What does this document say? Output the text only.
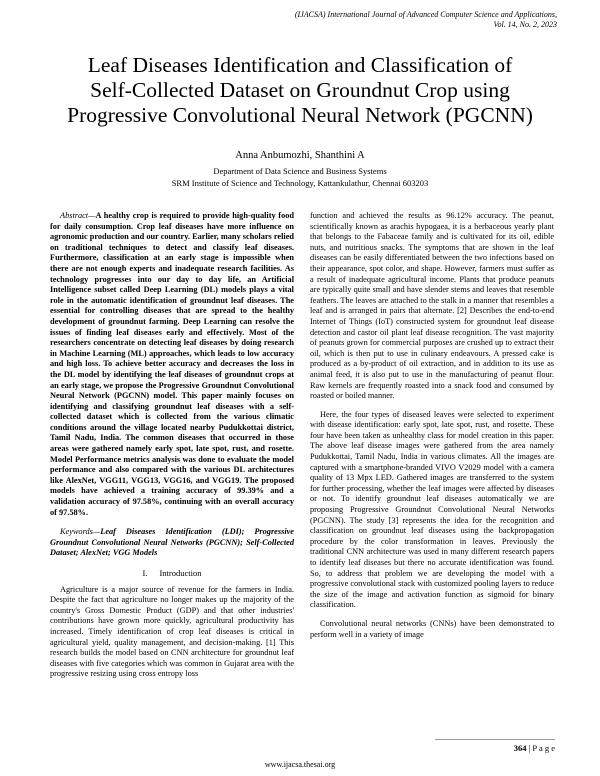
(IJACSA) International Journal of Advanced Computer Science and Applications,
Vol. 14, No. 2, 2023
Leaf Diseases Identification and Classification of
Self-Collected Dataset on Groundnut Crop using
Progressive Convolutional Neural Network (PGCNN)
Anna Anbumozhi, Shanthini A
Department of Data Science and Business Systems
SRM Institute of Science and Technology, Kattankulathur, Chennai 603203

Abstract—A healthy crop is required to provide high-quality food for daily consumption. Crop leaf diseases have more influence on agronomic production and our country. Earlier, many scholars relied on traditional techniques to detect and classify leaf diseases. Furthermore, classification at an early stage is impossible when there are not enough experts and inadequate research facilities. As technology progresses into our day to day life, an Artificial Intelligence subset called Deep Learning (DL) models plays a vital role in the automatic identification of groundnut leaf diseases. The essential for controlling diseases that are spread to the healthy development of groundnut farming. Deep Learning can resolve the issues of finding leaf diseases early and effectively. Most of the researchers concentrate on detecting leaf diseases by doing research in Machine Learning (ML) approaches, which leads to low accuracy and high loss. To achieve better accuracy and decreases the loss in the DL model by identifying the leaf diseases of groundnut crops at an early stage, we propose the Progressive Groundnut Convolutional Neural Network (PGCNN) model. This paper mainly focuses on identifying and classifying groundnut leaf diseases with a self-collected dataset which is collected from the various climatic conditions around the village located nearby Pudukkottai district, Tamil Nadu, India. The common diseases that occurred in those areas were gathered namely early spot, late spot, rust, and rosette. Model Performance metrics analysis was done to evaluate the model performance and also compared with the various DL architectures like AlexNet, VGG11, VGG13, VGG16, and VGG19. The proposed models have achieved a training accuracy of 99.39% and a validation accuracy of 97.58%, continuing with an overall accuracy of 97.58%.

Keywords—Leaf Diseases Identification (LDI); Progressive Groundnut Convolutional Neural Networks (PGCNN); Self-Collected Dataset; AlexNet; VGG Models

I. Introduction

Agriculture is a major source of revenue for the farmers in India. Despite the fact that agriculture no longer makes up the majority of the country's Gross Domestic Product (GDP) and that other industries' contributions have grown more quickly, agricultural productivity has increased. Timely identification of crop leaf diseases is critical in agricultural yield, quality management, and decision-making. [1] This research builds the model based on CNN architecture for groundnut leaf diseases with five categories which was common in Gujarat area with the progressive resizing using cross entropy loss

function and achieved the results as 96.12% accuracy. The peanut, scientifically known as arachis hypogaea, it is a herbaceous yearly plant that belongs to the Fabaceae family and is cultivated for its oil, edible nuts, and nutritious snacks. The symptoms that are shown in the leaf diseases can be easily differentiated between the two infections based on their appearance, spot color, and shape. However, farmers must suffer as a result of inadequate agricultural income. Plants that produce peanuts are typically quite small and have slender stems and leaves that resemble feathers. The leaves are attached to the stalk in a manner that resembles a leaf and is arranged in pairs that alternate. [2] Describes the end-to-end Internet of Things (IoT) constructed system for groundnut leaf disease detection and castor oil plant leaf disease recognition. The vast majority of peanuts grown for commercial purposes are crushed up to extract their oil, which is then put to use in culinary endeavours. A pressed cake is produced as a by-product of oil extraction, and in addition to its use as animal feed, it is also put to use in the manufacturing of peanut flour. Raw kernels are frequently roasted into a snack food and consumed by roasted or boiled manner.

Here, the four types of diseased leaves were selected to experiment with disease identification: early spot, late spot, rust, and rosette. These four have been taken as unhealthy class for model creation in this paper. The above leaf disease images were gathered from the area namely Pudukkottai, Tamil Nadu, India in various climates. All the images are captured with a smartphone-branded VIVO V2029 model with a camera quality of 13 Mpx LED. Gathered images are transferred to the system for further processing, whether the leaf images were affected by diseases or not. To identify groundnut leaf diseases automatically we are proposing Progressive Groundnut Convolutional Neural Networks (PGCNN). The study [3] represents the idea for the recognition and classification on groundnut leaf diseases using the backpropagation procedure by the color transformation in leaves. Previously the traditional CNN architecture was used in many different research papers to identify leaf diseases but there no accurate identification was found. So, to address that problem we are developing the model with a progressive convolutional stack with customized pooling layers to reduce the size of the image and activation function as sigmoid for binary classification.

Convolutional neural networks (CNNs) have been demonstrated to perform well in a variety of image

364 | P a g e
www.ijacsa.thesai.org
